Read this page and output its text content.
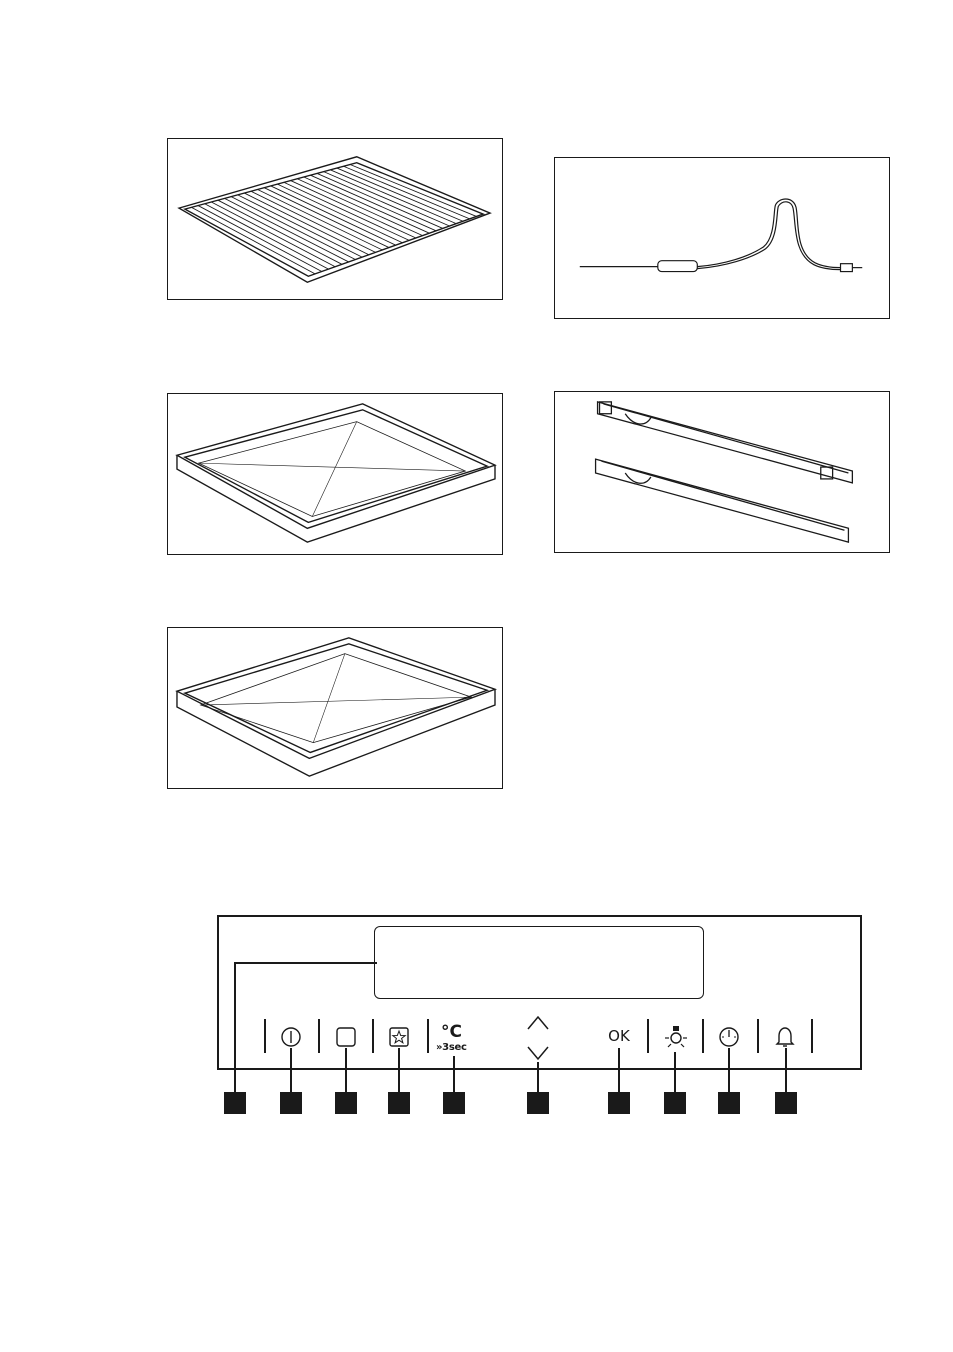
°C
»3sec
OK
